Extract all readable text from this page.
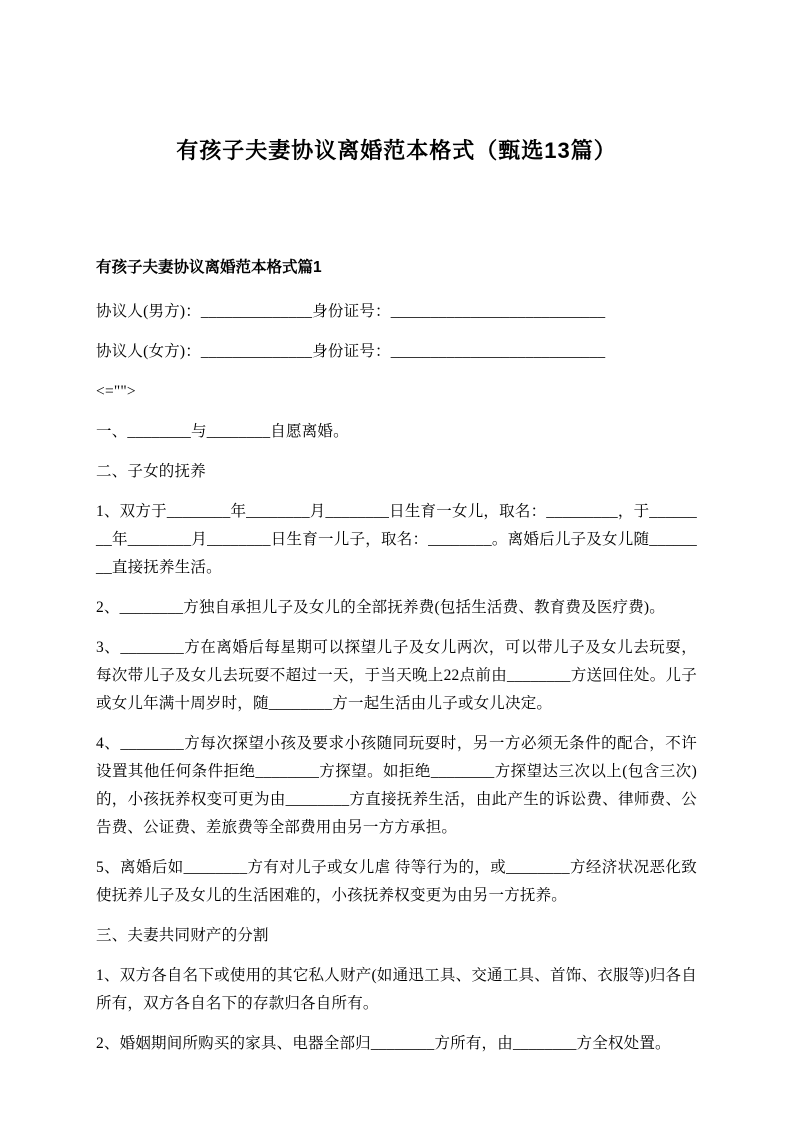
有孩子夫妻协议离婚范本格式（甄选13篇）
有孩子夫妻协议离婚范本格式篇1

协议人(男方)：______________身份证号：___________________________

协议人(女方)：______________身份证号：___________________________

<="">

一、________与________自愿离婚。

二、子女的抚养

1、双方于________年________月________日生育一女儿，取名：_________，于________年________月________日生育一儿子，取名：________。离婚后儿子及女儿随________直接抚养生活。

2、________方独自承担儿子及女儿的全部抚养费(包括生活费、教育费及医疗费)。

3、________方在离婚后每星期可以探望儿子及女儿两次，可以带儿子及女儿去玩耍，每次带儿子及女儿去玩耍不超过一天，于当天晚上22点前由________方送回住处。儿子或女儿年满十周岁时，随________方一起生活由儿子或女儿决定。

4、________方每次探望小孩及要求小孩随同玩耍时，另一方必须无条件的配合，不许设置其他任何条件拒绝________方探望。如拒绝________方探望达三次以上(包含三次)的，小孩抚养权变可更为由________方直接抚养生活，由此产生的诉讼费、律师费、公告费、公证费、差旅费等全部费用由另一方方承担。

5、离婚后如________方有对儿子或女儿虐 待等行为的，或________方经济状况恶化致使抚养儿子及女儿的生活困难的，小孩抚养权变更为由另一方抚养。

三、夫妻共同财产的分割

1、双方各自名下或使用的其它私人财产(如通迅工具、交通工具、首饰、衣服等)归各自所有，双方各自名下的存款归各自所有。

2、婚姻期间所购买的家具、电器全部归________方所有，由________方全权处置。
